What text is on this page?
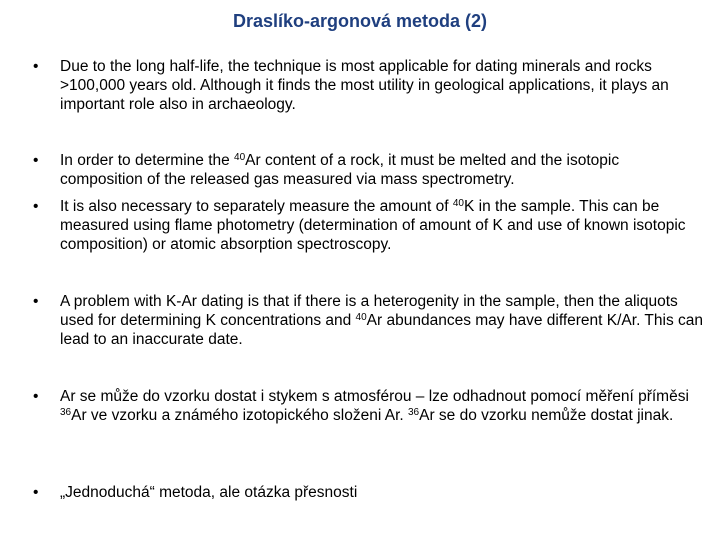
Draslíko-argonová metoda (2)
•	Due to the long half-life, the technique is most applicable for dating minerals and rocks >100,000 years old. Although it finds the most utility in geological applications, it plays an important role also in archaeology.
•	In order to determine the $^{40}$Ar content of a rock, it must be melted and the isotopic composition of the released gas measured via mass spectrometry.
•	It is also necessary to separately measure the amount of $^{40}$K in the sample. This can be measured using flame photometry (determination of amount of K and use of known isotopic composition) or atomic absorption spectroscopy.
•	A problem with K-Ar dating is that if there is a heterogenity in the sample, then the aliquots used for determining K concentrations and $^{40}$Ar abundances may have different K/Ar. This can lead to an inaccurate date.
•	Ar se může do vzorku dostat i stykem s atmosférou – lze odhadnout pomocí měření příměsi $^{36}$Ar ve vzorku a známého izotopického složeni Ar. $^{36}$Ar se do vzorku nemůže dostat jinak.
•	„Jednoduchá“ metoda, ale otázka přesnosti
